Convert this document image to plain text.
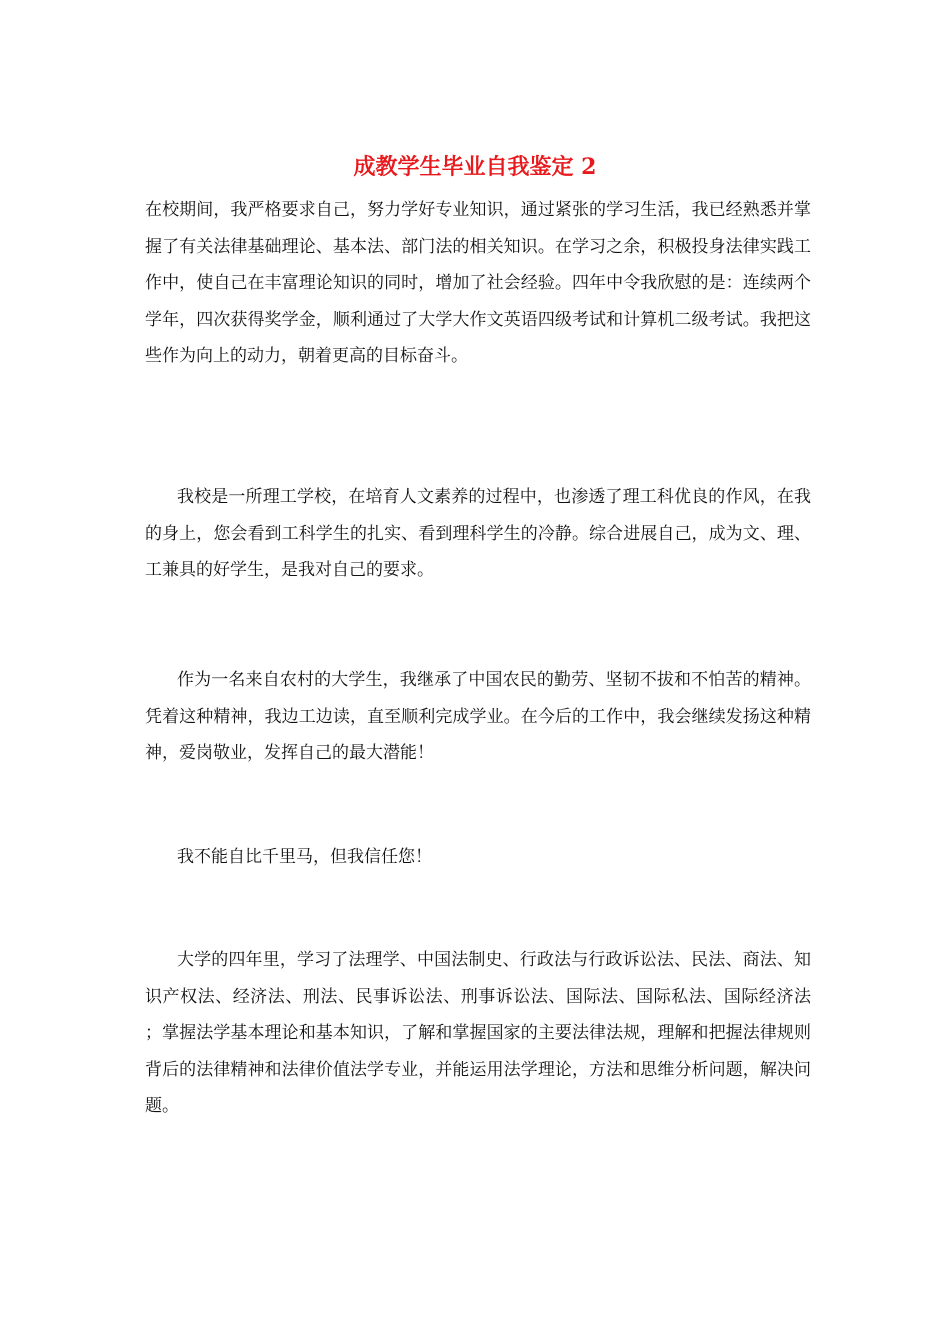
成教学生毕业自我鉴定 2

在校期间，我严格要求自己，努力学好专业知识，通过紧张的学习生活，我已经熟悉并掌握了有关法律基础理论、基本法、部门法的相关知识。在学习之余，积极投身法律实践工作中，使自己在丰富理论知识的同时，增加了社会经验。四年中令我欣慰的是：连续两个学年，四次获得奖学金，顺利通过了大学大作文英语四级考试和计算机二级考试。我把这些作为向上的动力，朝着更高的目标奋斗。

我校是一所理工学校，在培育人文素养的过程中，也渗透了理工科优良的作风，在我的身上，您会看到工科学生的扎实、看到理科学生的冷静。综合进展自己，成为文、理、工兼具的好学生，是我对自己的要求。

作为一名来自农村的大学生，我继承了中国农民的勤劳、坚韧不拔和不怕苦的精神。凭着这种精神，我边工边读，直至顺利完成学业。在今后的工作中，我会继续发扬这种精神，爱岗敬业，发挥自己的最大潜能！

我不能自比千里马，但我信任您！

大学的四年里，学习了法理学、中国法制史、行政法与行政诉讼法、民法、商法、知识产权法、经济法、刑法、民事诉讼法、刑事诉讼法、国际法、国际私法、国际经济法 ；掌握法学基本理论和基本知识，了解和掌握国家的主要法律法规，理解和把握法律规则背后的法律精神和法律价值法学专业，并能运用法学理论，方法和思维分析问题，解决问题。
